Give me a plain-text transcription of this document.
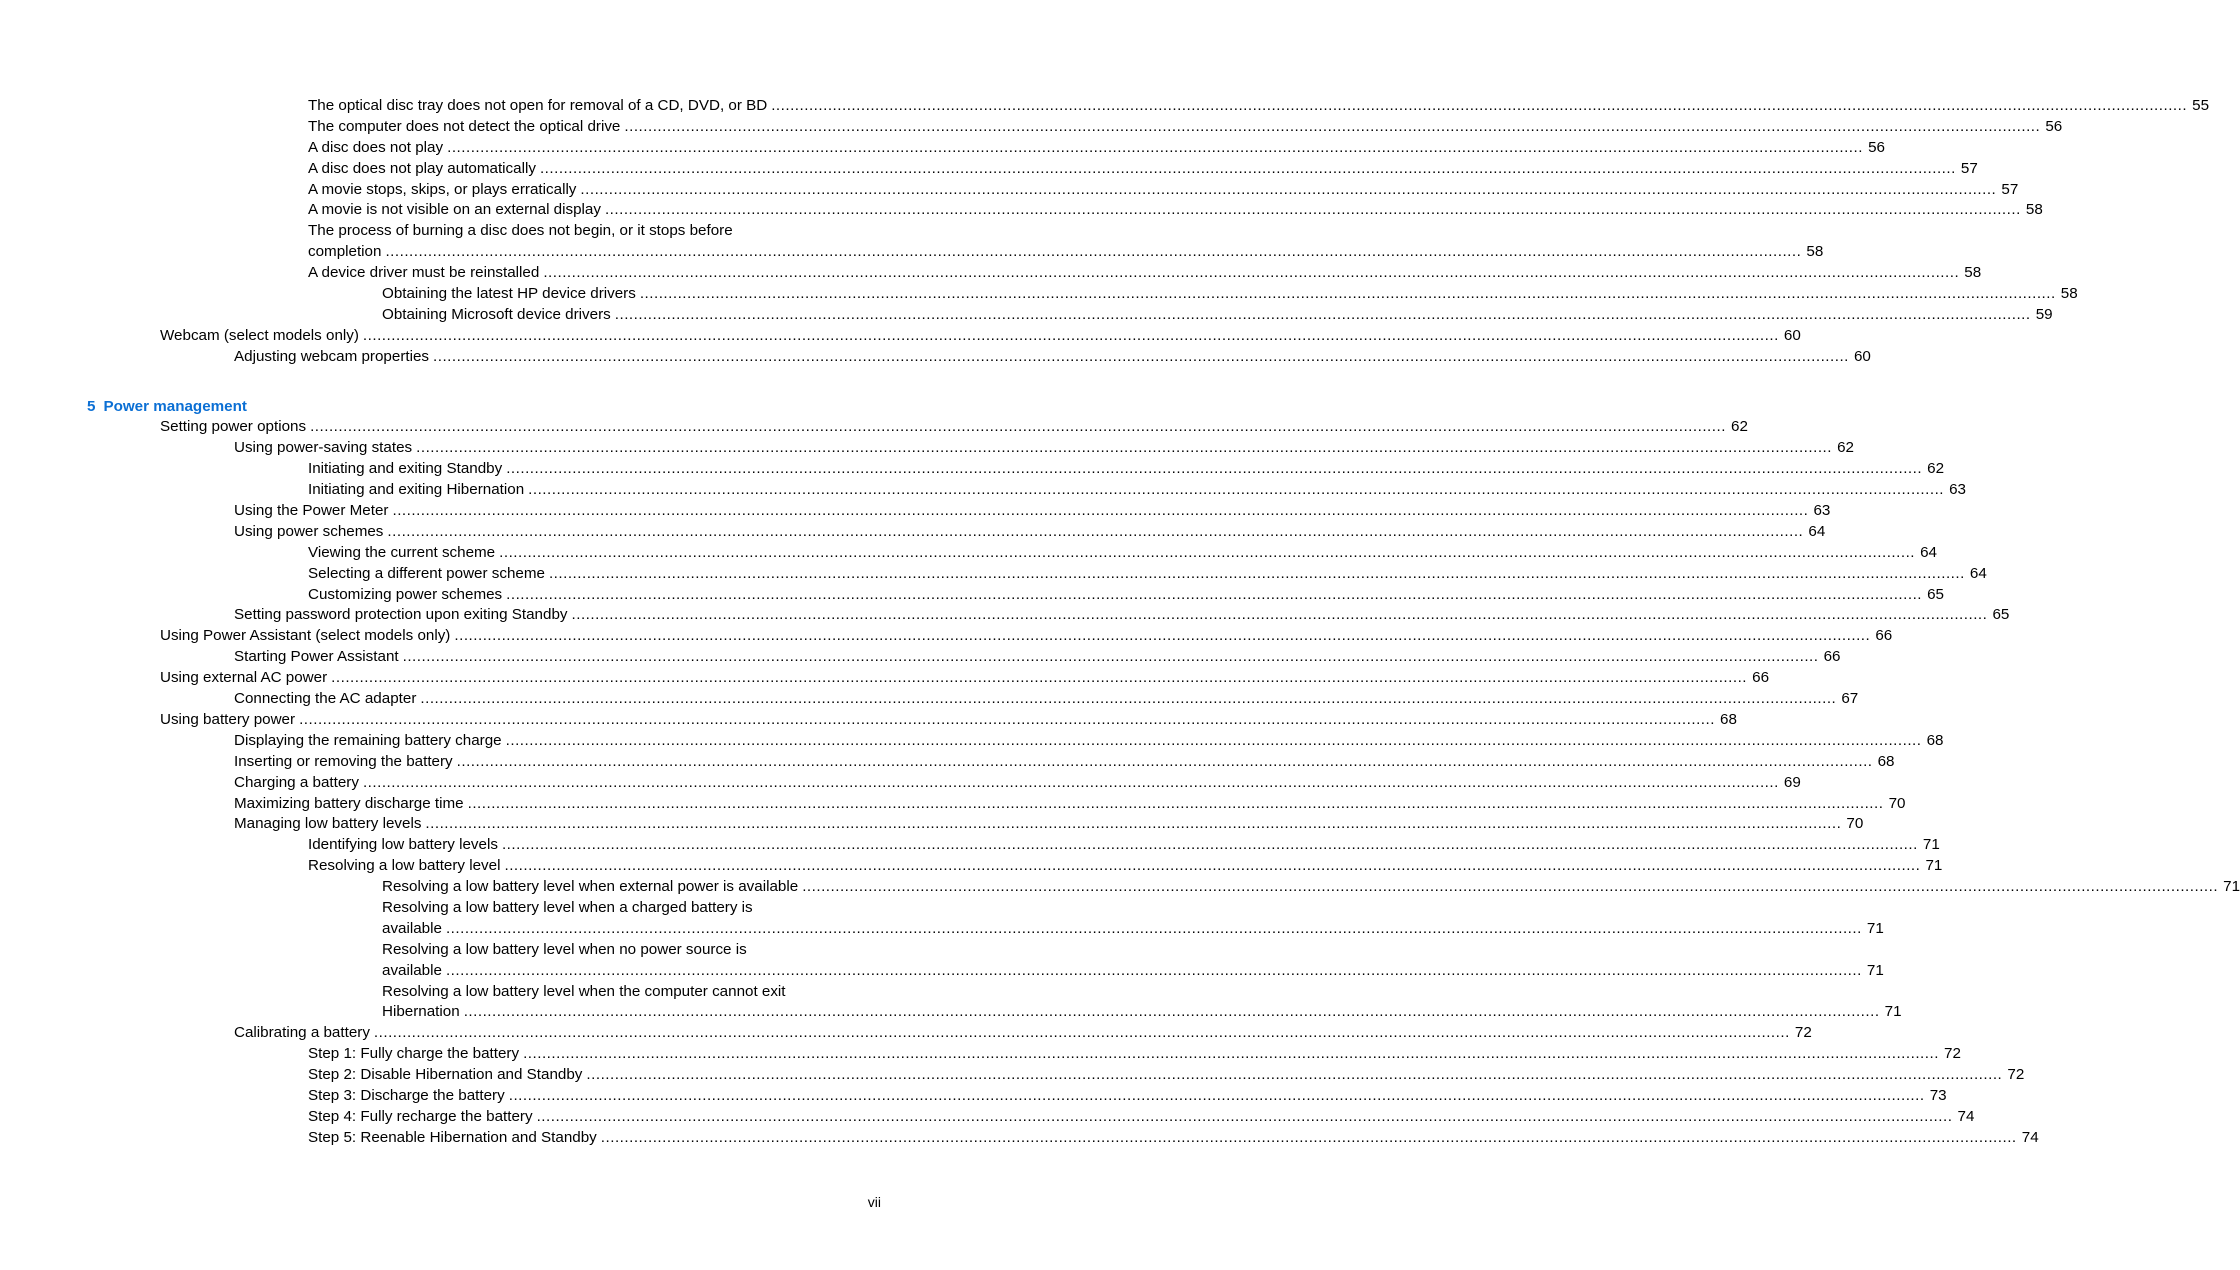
The optical disc tray does not open for removal of a CD, DVD, or BD ............................................................................................................................................................................................................................................................................................................ 55
The computer does not detect the optical drive ............................................................................................................................................................................................................................................................................................................ 56
A disc does not play ............................................................................................................................................................................................................................................................................................................ 56
A disc does not play automatically ............................................................................................................................................................................................................................................................................................................ 57
A movie stops, skips, or plays erratically ............................................................................................................................................................................................................................................................................................................ 57
A movie is not visible on an external display ............................................................................................................................................................................................................................................................................................................ 58
The process of burning a disc does not begin, or it stops before
completion ............................................................................................................................................................................................................................................................................................................ 58
A device driver must be reinstalled ............................................................................................................................................................................................................................................................................................................ 58
Obtaining the latest HP device drivers ............................................................................................................................................................................................................................................................................................................ 58
Obtaining Microsoft device drivers ............................................................................................................................................................................................................................................................................................................ 59
Webcam (select models only) ............................................................................................................................................................................................................................................................................................................ 60
Adjusting webcam properties ............................................................................................................................................................................................................................................................................................................ 60
5 Power management
Setting power options ............................................................................................................................................................................................................................................................................................................ 62
Using power-saving states ............................................................................................................................................................................................................................................................................................................ 62
Initiating and exiting Standby ............................................................................................................................................................................................................................................................................................................ 62
Initiating and exiting Hibernation ............................................................................................................................................................................................................................................................................................................ 63
Using the Power Meter ............................................................................................................................................................................................................................................................................................................ 63
Using power schemes ............................................................................................................................................................................................................................................................................................................ 64
Viewing the current scheme ............................................................................................................................................................................................................................................................................................................ 64
Selecting a different power scheme ............................................................................................................................................................................................................................................................................................................ 64
Customizing power schemes ............................................................................................................................................................................................................................................................................................................ 65
Setting password protection upon exiting Standby ............................................................................................................................................................................................................................................................................................................ 65
Using Power Assistant (select models only) ............................................................................................................................................................................................................................................................................................................ 66
Starting Power Assistant ............................................................................................................................................................................................................................................................................................................ 66
Using external AC power ............................................................................................................................................................................................................................................................................................................ 66
Connecting the AC adapter ............................................................................................................................................................................................................................................................................................................ 67
Using battery power ............................................................................................................................................................................................................................................................................................................ 68
Displaying the remaining battery charge ............................................................................................................................................................................................................................................................................................................ 68
Inserting or removing the battery ............................................................................................................................................................................................................................................................................................................ 68
Charging a battery ............................................................................................................................................................................................................................................................................................................ 69
Maximizing battery discharge time ............................................................................................................................................................................................................................................................................................................ 70
Managing low battery levels ............................................................................................................................................................................................................................................................................................................ 70
Identifying low battery levels ............................................................................................................................................................................................................................................................................................................ 71
Resolving a low battery level ............................................................................................................................................................................................................................................................................................................ 71
Resolving a low battery level when external power is available ............................................................................................................................................................................................................................................................................................................ 71
Resolving a low battery level when a charged battery is
available ............................................................................................................................................................................................................................................................................................................ 71
Resolving a low battery level when no power source is
available ............................................................................................................................................................................................................................................................................................................ 71
Resolving a low battery level when the computer cannot exit
Hibernation ............................................................................................................................................................................................................................................................................................................ 71
Calibrating a battery ............................................................................................................................................................................................................................................................................................................ 72
Step 1: Fully charge the battery ............................................................................................................................................................................................................................................................................................................ 72
Step 2: Disable Hibernation and Standby ............................................................................................................................................................................................................................................................................................................ 72
Step 3: Discharge the battery ............................................................................................................................................................................................................................................................................................................ 73
Step 4: Fully recharge the battery ............................................................................................................................................................................................................................................................................................................ 74
Step 5: Reenable Hibernation and Standby ............................................................................................................................................................................................................................................................................................................ 74
vii
